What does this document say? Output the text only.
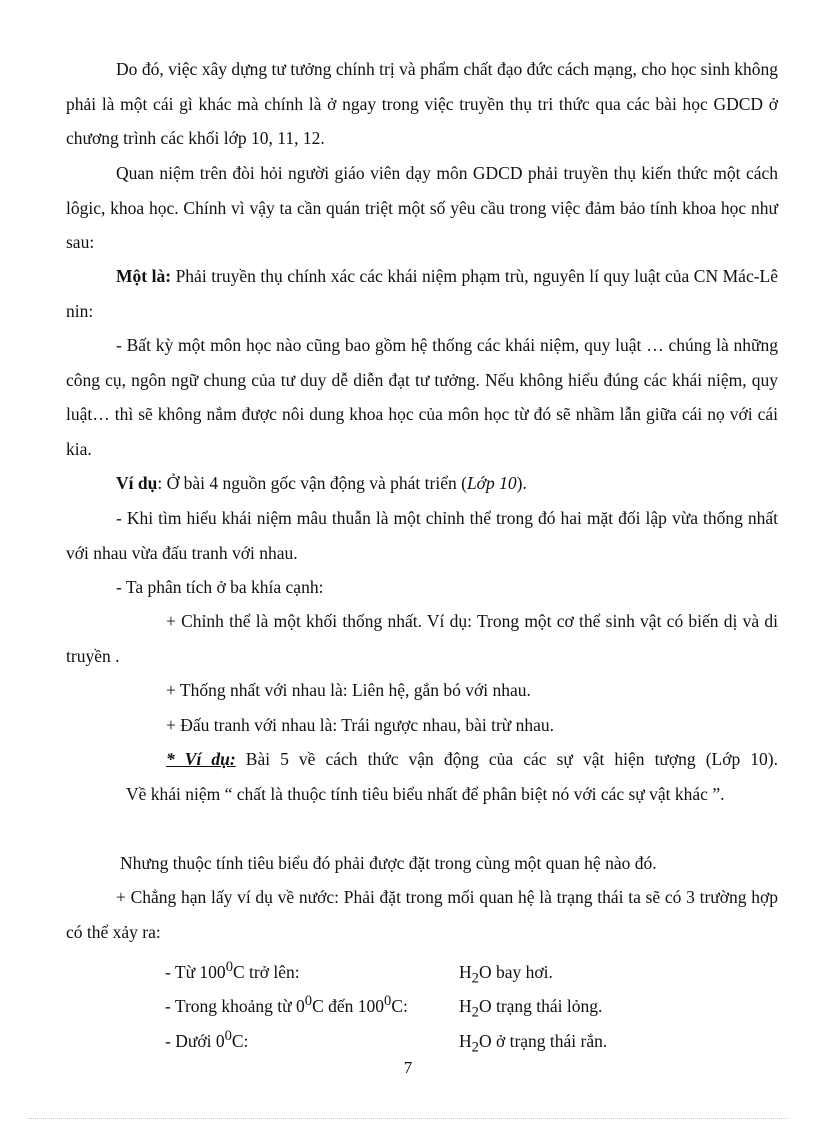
Do đó, việc xây dựng tư tưởng chính trị và phẩm chất đạo đức cách mạng, cho học sinh không phải là một cái gì khác mà chính là ở ngay trong việc truyền thụ tri thức qua các bài học GDCD ở chương trình các khối lớp 10, 11, 12.

Quan niệm trên đòi hỏi người giáo viên dạy môn GDCD phải truyền thụ kiến thức một cách lôgic, khoa học. Chính vì vậy ta cần quán triệt một số yêu cầu trong việc đảm bảo tính khoa học như sau:

Một là: Phải truyền thụ chính xác các khái niệm phạm trù, nguyên lí quy luật của CN Mác-Lê nin:

- Bất kỳ một môn học nào cũng bao gồm hệ thống các khái niệm, quy luật … chúng là những công cụ, ngôn ngữ chung của tư duy dễ diễn đạt tư tưởng. Nếu không hiểu đúng các khái niệm, quy luật… thì sẽ không nắm được nôi dung khoa học của môn học từ đó sẽ nhầm lẫn giữa cái nọ với cái kia.

Ví dụ: Ở bài 4 nguồn gốc vận động và phát triển (Lớp 10).

- Khi tìm hiểu khái niệm mâu thuẫn là một chỉnh thể trong đó hai mặt đối lập vừa thống nhất với nhau vừa đấu tranh với nhau.

- Ta phân tích ở ba khía cạnh:

+ Chỉnh thể là một khối thống nhất. Ví dụ: Trong một cơ thể sinh vật có biến dị và di truyền .

+ Thống nhất với nhau là: Liên hệ, gắn bó với nhau.

+ Đấu tranh với nhau là: Trái ngược nhau, bài trừ nhau.

* Ví dụ: Bài 5 về cách thức vận động của các sự vật hiện tượng (Lớp 10).

Về khái niệm “ chất là thuộc tính tiêu biểu nhất để phân biệt nó với các sự vật khác ”.

Nhưng thuộc tính tiêu biểu đó phải được đặt trong cùng một quan hệ nào đó.

+ Chẳng hạn lấy ví dụ về nước: Phải đặt trong mối quan hệ là trạng thái ta sẽ có 3 trường hợp có thể xảy ra:

- Từ $100^0C$ trở lên:	$H_2O$ bay hơi.
- Trong khoảng từ $0^0C$ đến $100^0C$:	$H_2O$ trạng thái lỏng.
- Dưới $0^0C$:	$H_2O$ ở trạng thái rắn.
7
